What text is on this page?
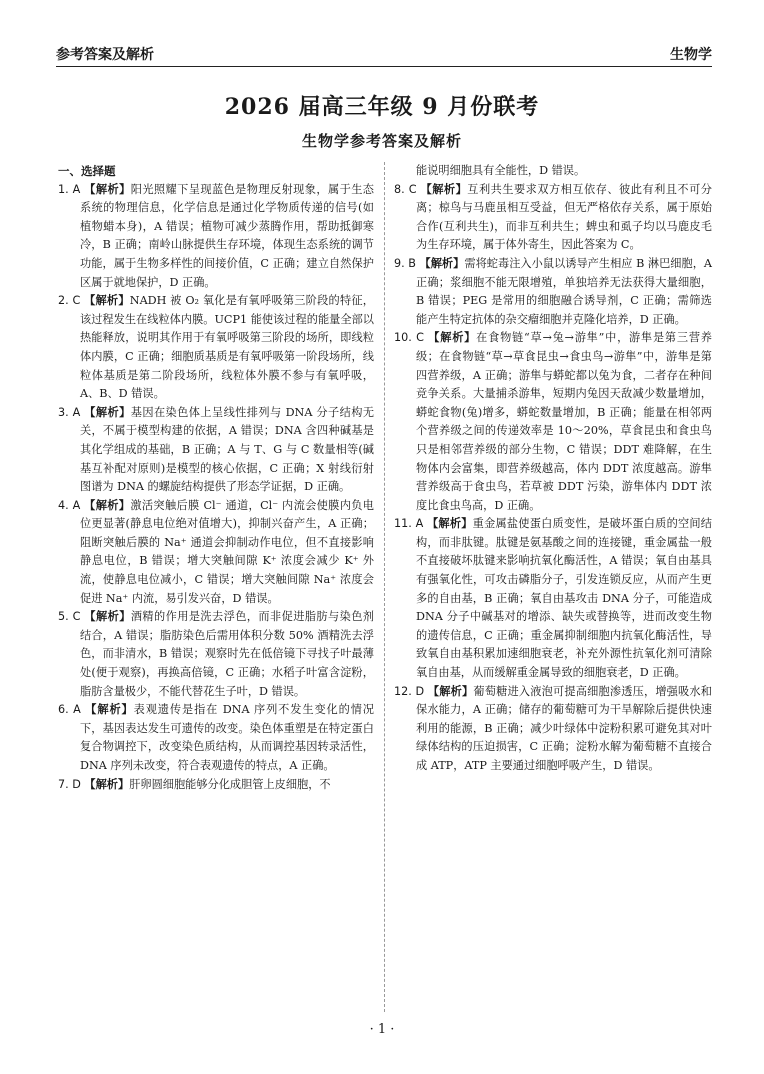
参考答案及解析	生物学
2026 届高三年级 9 月份联考
生物学参考答案及解析
一、选择题

1. A 【解析】阳光照耀下呈现蓝色是物理反射现象，属于生态系统的物理信息，化学信息是通过化学物质传递的信号(如植物蜡本身)，A 错误；植物可减少蒸腾作用，帮助抵御寒冷，B 正确；南岭山脉提供生存环境，体现生态系统的调节功能，属于生物多样性的间接价值，C 正确；建立自然保护区属于就地保护，D 正确。

2. C 【解析】NADH 被 O₂ 氧化是有氧呼吸第三阶段的特征，该过程发生在线粒体内膜。UCP1 能使该过程的能量全部以热能释放，说明其作用于有氧呼吸第三阶段的场所，即线粒体内膜，C 正确；细胞质基质是有氧呼吸第一阶段场所，线粒体基质是第二阶段场所，线粒体外膜不参与有氧呼吸，A、B、D 错误。

3. A 【解析】基因在染色体上呈线性排列与 DNA 分子结构无关，不属于模型构建的依据，A 错误；DNA 含四种碱基是其化学组成的基础，B 正确；A 与 T、G 与 C 数量相等(碱基互补配对原则)是模型的核心依据，C 正确；X 射线衍射图谱为 DNA 的螺旋结构提供了形态学证据，D 正确。

4. A 【解析】激活突触后膜 Cl⁻ 通道，Cl⁻ 内流会使膜内负电位更显著(静息电位绝对值增大)，抑制兴奋产生，A 正确；阻断突触后膜的 Na⁺ 通道会抑制动作电位，但不直接影响静息电位，B 错误；增大突触间隙 K⁺ 浓度会减少 K⁺ 外流，使静息电位减小，C 错误；增大突触间隙 Na⁺ 浓度会促进 Na⁺ 内流，易引发兴奋，D 错误。

5. C 【解析】酒精的作用是洗去浮色，而非促进脂肪与染色剂结合，A 错误；脂肪染色后需用体积分数 50% 酒精洗去浮色，而非清水，B 错误；观察时先在低倍镜下寻找子叶最薄处(便于观察)，再换高倍镜，C 正确；水稻子叶富含淀粉，脂肪含量极少，不能代替花生子叶，D 错误。

6. A 【解析】表观遗传是指在 DNA 序列不发生变化的情况下，基因表达发生可遗传的改变。染色体重塑是在特定蛋白复合物调控下，改变染色质结构，从而调控基因转录活性，DNA 序列未改变，符合表观遗传的特点，A 正确。

7. D 【解析】肝卵圆细胞能够分化成胆管上皮细胞，不

能说明细胞具有全能性，D 错误。

8. C 【解析】互利共生要求双方相互依存、彼此有利且不可分离；椋鸟与马鹿虽相互受益，但无严格依存关系，属于原始合作(互利共生)，而非互利共生；蜱虫和虱子均以马鹿皮毛为生存环境，属于体外寄生，因此答案为 C。

9. B 【解析】需将蛇毒注入小鼠以诱导产生相应 B 淋巴细胞，A 正确；浆细胞不能无限增殖，单独培养无法获得大量细胞，B 错误；PEG 是常用的细胞融合诱导剂，C 正确；需筛选能产生特定抗体的杂交瘤细胞并克隆化培养，D 正确。

10. C 【解析】在食物链“草→兔→游隼”中，游隼是第三营养级；在食物链“草→草食昆虫→食虫鸟→游隼”中，游隼是第四营养级，A 正确；游隼与蟒蛇都以兔为食，二者存在种间竞争关系。大量捕杀游隼，短期内兔因天敌减少数量增加，蟒蛇食物(兔)增多，蟒蛇数量增加，B 正确；能量在相邻两个营养级之间的传递效率是 10～20%，草食昆虫和食虫鸟只是相邻营养级的部分生物，C 错误；DDT 难降解，在生物体内会富集，即营养级越高，体内 DDT 浓度越高。游隼营养级高于食虫鸟，若草被 DDT 污染，游隼体内 DDT 浓度比食虫鸟高，D 正确。

11. A 【解析】重金属盐使蛋白质变性，是破坏蛋白质的空间结构，而非肽键。肽键是氨基酸之间的连接键，重金属盐一般不直接破坏肽键来影响抗氧化酶活性，A 错误；氧自由基具有强氧化性，可攻击磷脂分子，引发连锁反应，从而产生更多的自由基，B 正确；氧自由基攻击 DNA 分子，可能造成 DNA 分子中碱基对的增添、缺失或替换等，进而改变生物的遗传信息，C 正确；重金属抑制细胞内抗氧化酶活性，导致氧自由基积累加速细胞衰老，补充外源性抗氧化剂可清除氧自由基，从而缓解重金属导致的细胞衰老，D 正确。

12. D 【解析】葡萄糖进入液泡可提高细胞渗透压，增强吸水和保水能力，A 正确；储存的葡萄糖可为干旱解除后提供快速利用的能源，B 正确；减少叶绿体中淀粉积累可避免其对叶绿体结构的压迫损害，C 正确；淀粉水解为葡萄糖不直接合成 ATP，ATP 主要通过细胞呼吸产生，D 错误。

· 1 ·
